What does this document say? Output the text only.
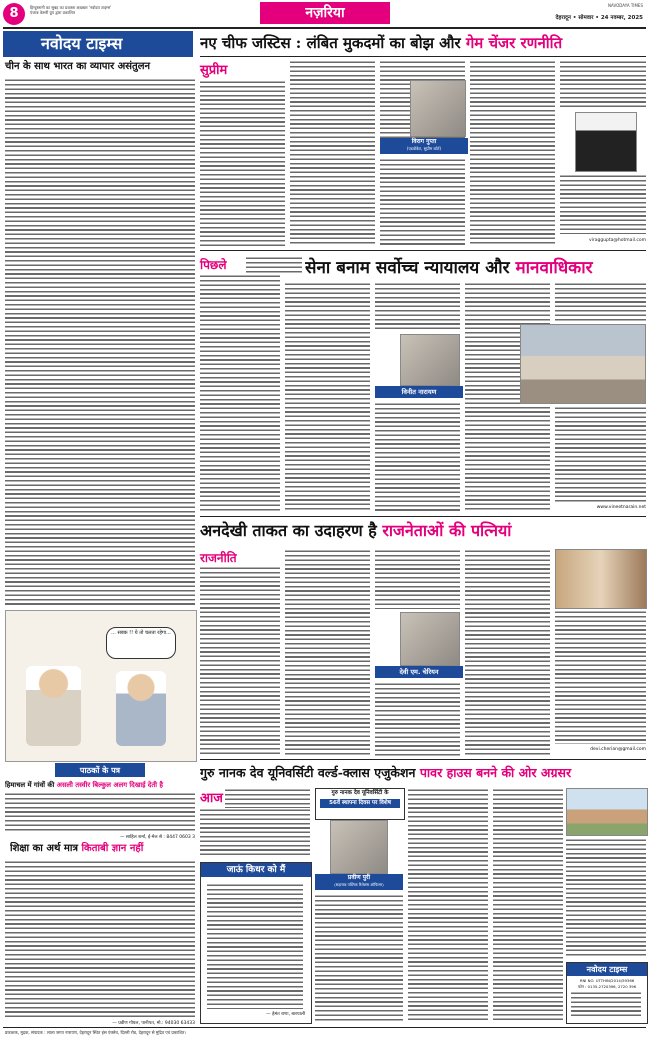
8	हिन्दुस्तानी का सुबह का प्रवक्ता अख़बार 'नवोदय टाइम्स'
पंजाब केसरी ग्रुप द्वारा प्रकाशित	नज़रिया	NAVODAYA TIMES
देहरादून • सोमवार • 24 नवम्बर, 2025
नवोदय टाइम्स
चीन के साथ भारत का व्यापार असंतुलन
... सबक !! ये तो चलता रहेगा...
नए चीफ जस्टिस : लंबित मुकदमों का बोझ और गेम चेंजर रणनीति
सुप्रीम
विराग गुप्ता
(एडवोकेट, सुप्रीम कोर्ट)
viraggupta@hotmail.com
पिछले	सेना बनाम सर्वोच्च न्यायालय और मानवाधिकार
विनीत नारायण
www.vineetnarain.net
अनदेखी ताकत का उदाहरण है राजनेताओं की पत्नियां
राजनीति
देवी एम. चेरियन
devi.cherian@gmail.com
पाठकों के पत्र
हिमाचल में गांवों की असली तस्वीर बिल्कुल अलग दिखाई देती है
— साहिल शर्मा, ई-मेल से : 8447 0603 3
शिक्षा का अर्थ मात्र किताबी ज्ञान नहीं
— प्रवीण गोयल, पानीपत, मो.: 94030 63433
गुरु नानक देव यूनिवर्सिटी वर्ल्ड-क्लास एजुकेशन पावर हाउस बनने की ओर अग्रसर
आज
जाऊं किधर को मैं
— हेमंत राणा, बारयाली
गुरु नानक देव यूनिवर्सिटी के
56वें स्थापना दिवस पर विशेष
प्रवीण पुरी
(सहायक पब्लिक रिलेशंस ऑफिसर)
नवोदय टाइम्स
RNI NO. UTTHIN/2014/59366
फोन : 0135-2720396, 2720 396
प्रकाशक, मुद्रक, संपादक : लाला जगत नारायण, देहरादून स्थित हंस एंक्लेव, दिल्ली रोड, देहरादून से मुद्रित एवं प्रकाशित।
